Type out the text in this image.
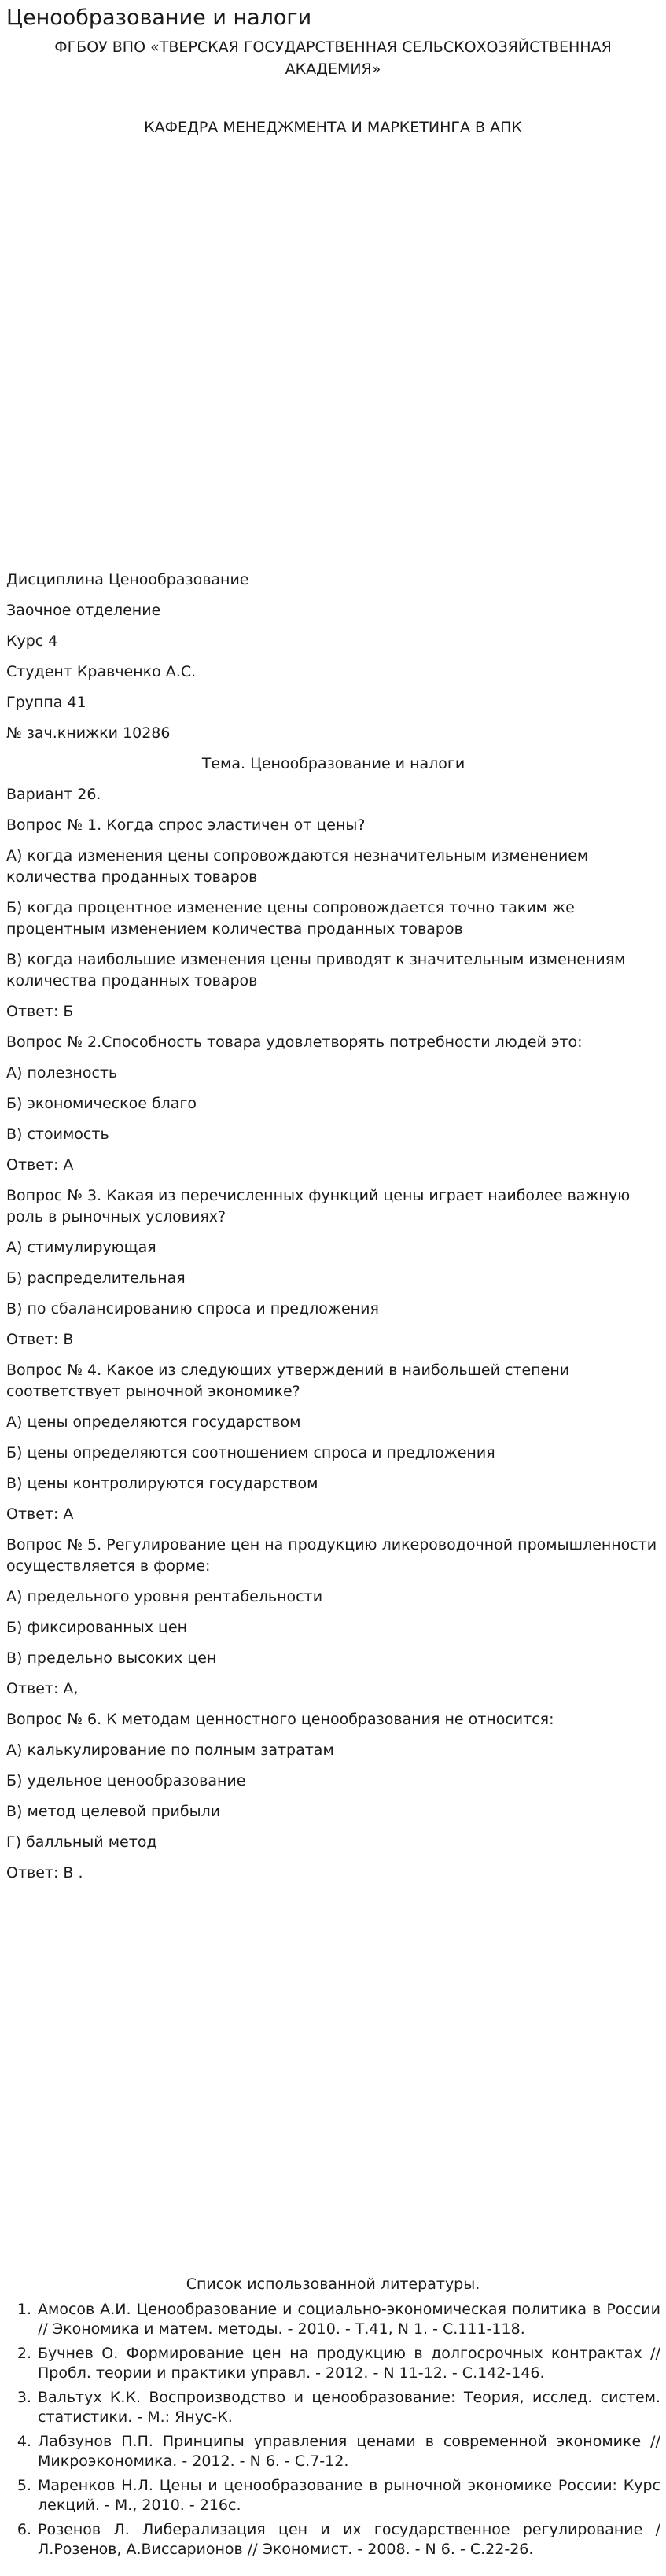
Ценообразование и налоги

ФГБОУ ВПО «ТВЕРСКАЯ ГОСУДАРСТВЕННАЯ СЕЛЬСКОХОЗЯЙСТВЕННАЯ АКАДЕМИЯ»

КАФЕДРА МЕНЕДЖМЕНТА И МАРКЕТИНГА В АПК

Дисциплина Ценообразование

Заочное отделение

Курс 4

Студент Кравченко А.С.

Группа 41

№ зач.книжки 10286

Тема. Ценообразование и налоги

Вариант 26.

Вопрос № 1. Когда спрос эластичен от цены?

А) когда изменения цены сопровождаются незначительным изменением количества проданных товаров

Б) когда процентное изменение цены сопровождается точно таким же процентным изменением количества проданных товаров

В) когда наибольшие изменения цены приводят к значительным изменениям количества проданных товаров

Ответ: Б

Вопрос № 2.Способность товара удовлетворять потребности людей это:

А) полезность

Б) экономическое благо

В) стоимость

Ответ: А

Вопрос № 3. Какая из перечисленных функций цены играет наиболее важную роль в рыночных условиях?

А) стимулирующая

Б) распределительная

В) по сбалансированию спроса и предложения

Ответ: В

Вопрос № 4. Какое из следующих утверждений в наибольшей степени соответствует рыночной экономике?

А) цены определяются государством

Б) цены определяются соотношением спроса и предложения

В) цены контролируются государством

Ответ: А

Вопрос № 5. Регулирование цен на продукцию ликероводочной промышленности осуществляется в форме:

А) предельного уровня рентабельности

Б) фиксированных цен

В) предельно высоких цен

Ответ: А,

Вопрос № 6. К методам ценностного ценообразования не относится:

А) калькулирование по полным затратам

Б) удельное ценообразование

В) метод целевой прибыли

Г) балльный метод

Ответ: В .

Список использованной литературы.

1. Амосов А.И. Ценообразование и социально-экономическая политика в России // Экономика и матем. методы. - 2010. - Т.41, N 1. - С.111-118.
2. Бучнев О. Формирование цен на продукцию в долгосрочных контрактах // Пробл. теории и практики управл. - 2012. - N 11-12. - С.142-146.
3. Вальтух К.К. Воспроизводство и ценообразование: Теория, исслед. систем. статистики. - М.: Янус-К.
4. Лабзунов П.П. Принципы управления ценами в современной экономике // Микроэкономика. - 2012. - N 6. - С.7-12.
5. Маренков Н.Л. Цены и ценообразование в рыночной экономике России: Курс лекций. - М., 2010. - 216с.
6. Розенов Л. Либерализация цен и их государственное регулирование / Л.Розенов, А.Виссарионов // Экономист. - 2008. - N 6. - С.22-26.
